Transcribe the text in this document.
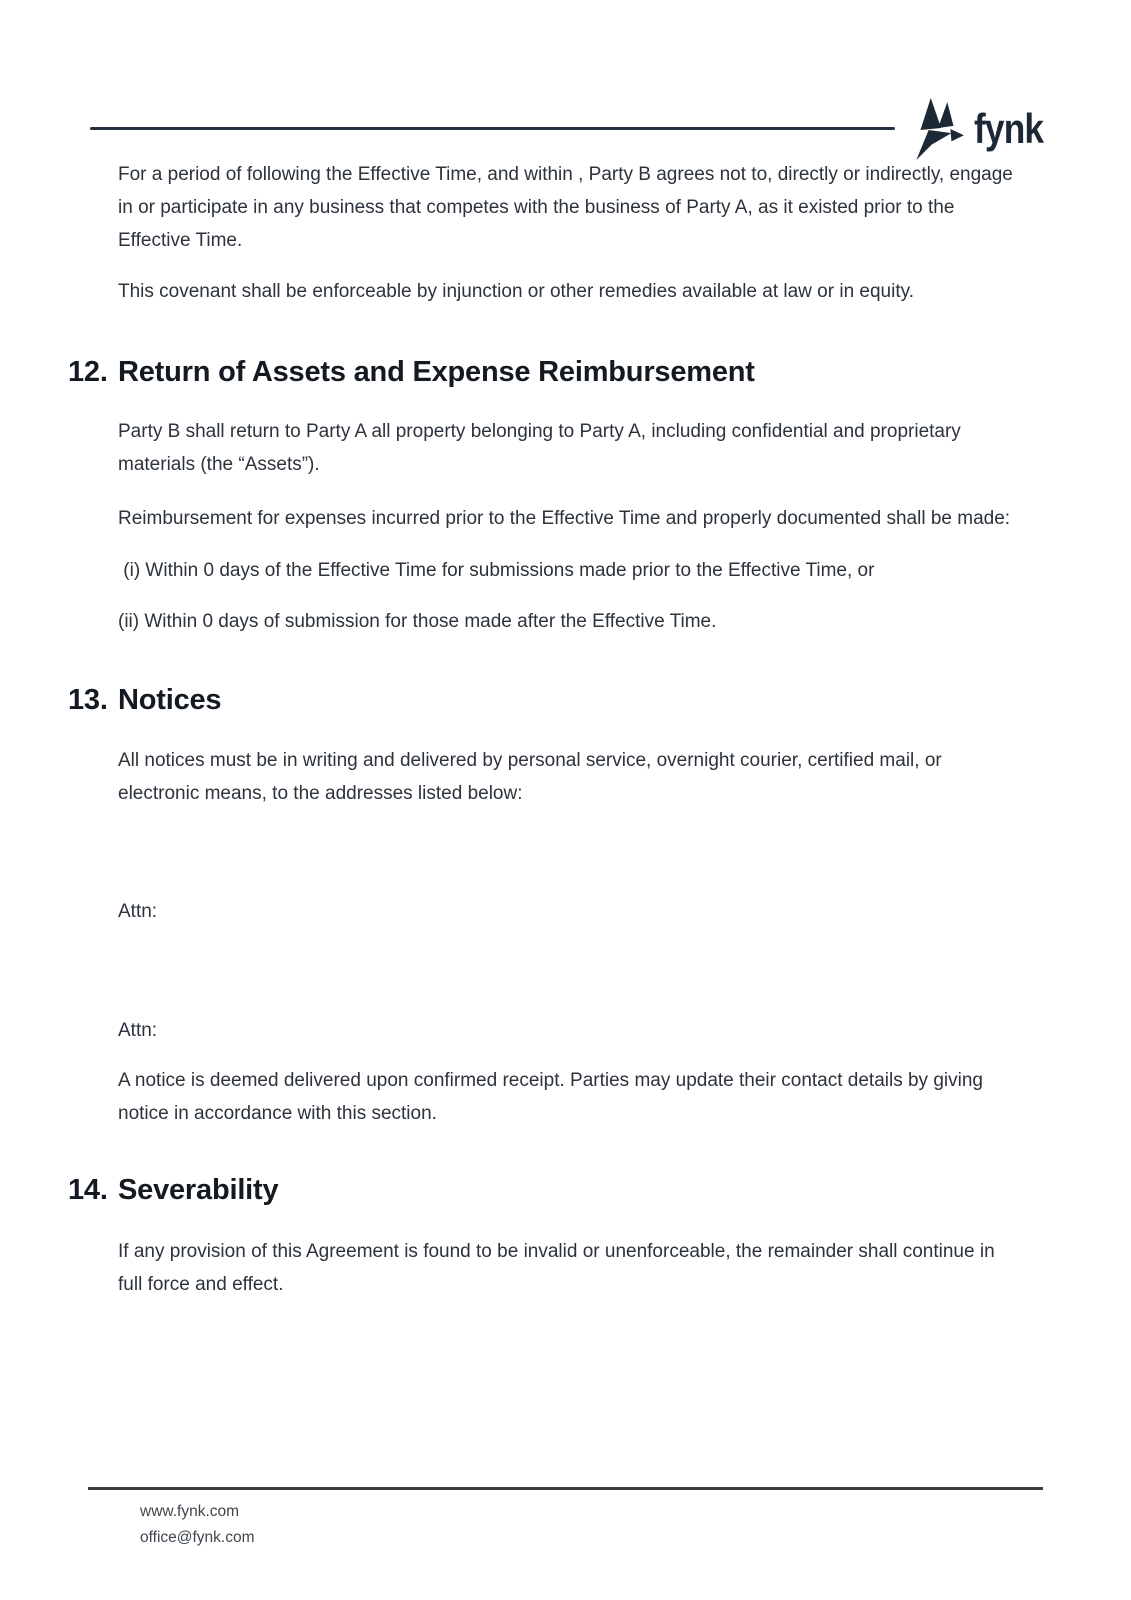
fynk

For a period of following the Effective Time, and within , Party B agrees not to, directly or indirectly, engage in or participate in any business that competes with the business of Party A, as it existed prior to the Effective Time.

This covenant shall be enforceable by injunction or other remedies available at law or in equity.

12. Return of Assets and Expense Reimbursement

Party B shall return to Party A all property belonging to Party A, including confidential and proprietary materials (the “Assets”).

Reimbursement for expenses incurred prior to the Effective Time and properly documented shall be made:

(i) Within 0 days of the Effective Time for submissions made prior to the Effective Time, or

(ii) Within 0 days of submission for those made after the Effective Time.

13. Notices

All notices must be in writing and delivered by personal service, overnight courier, certified mail, or electronic means, to the addresses listed below:

Attn:

Attn:

A notice is deemed delivered upon confirmed receipt. Parties may update their contact details by giving notice in accordance with this section.

14. Severability

If any provision of this Agreement is found to be invalid or unenforceable, the remainder shall continue in full force and effect.

www.fynk.com
office@fynk.com
